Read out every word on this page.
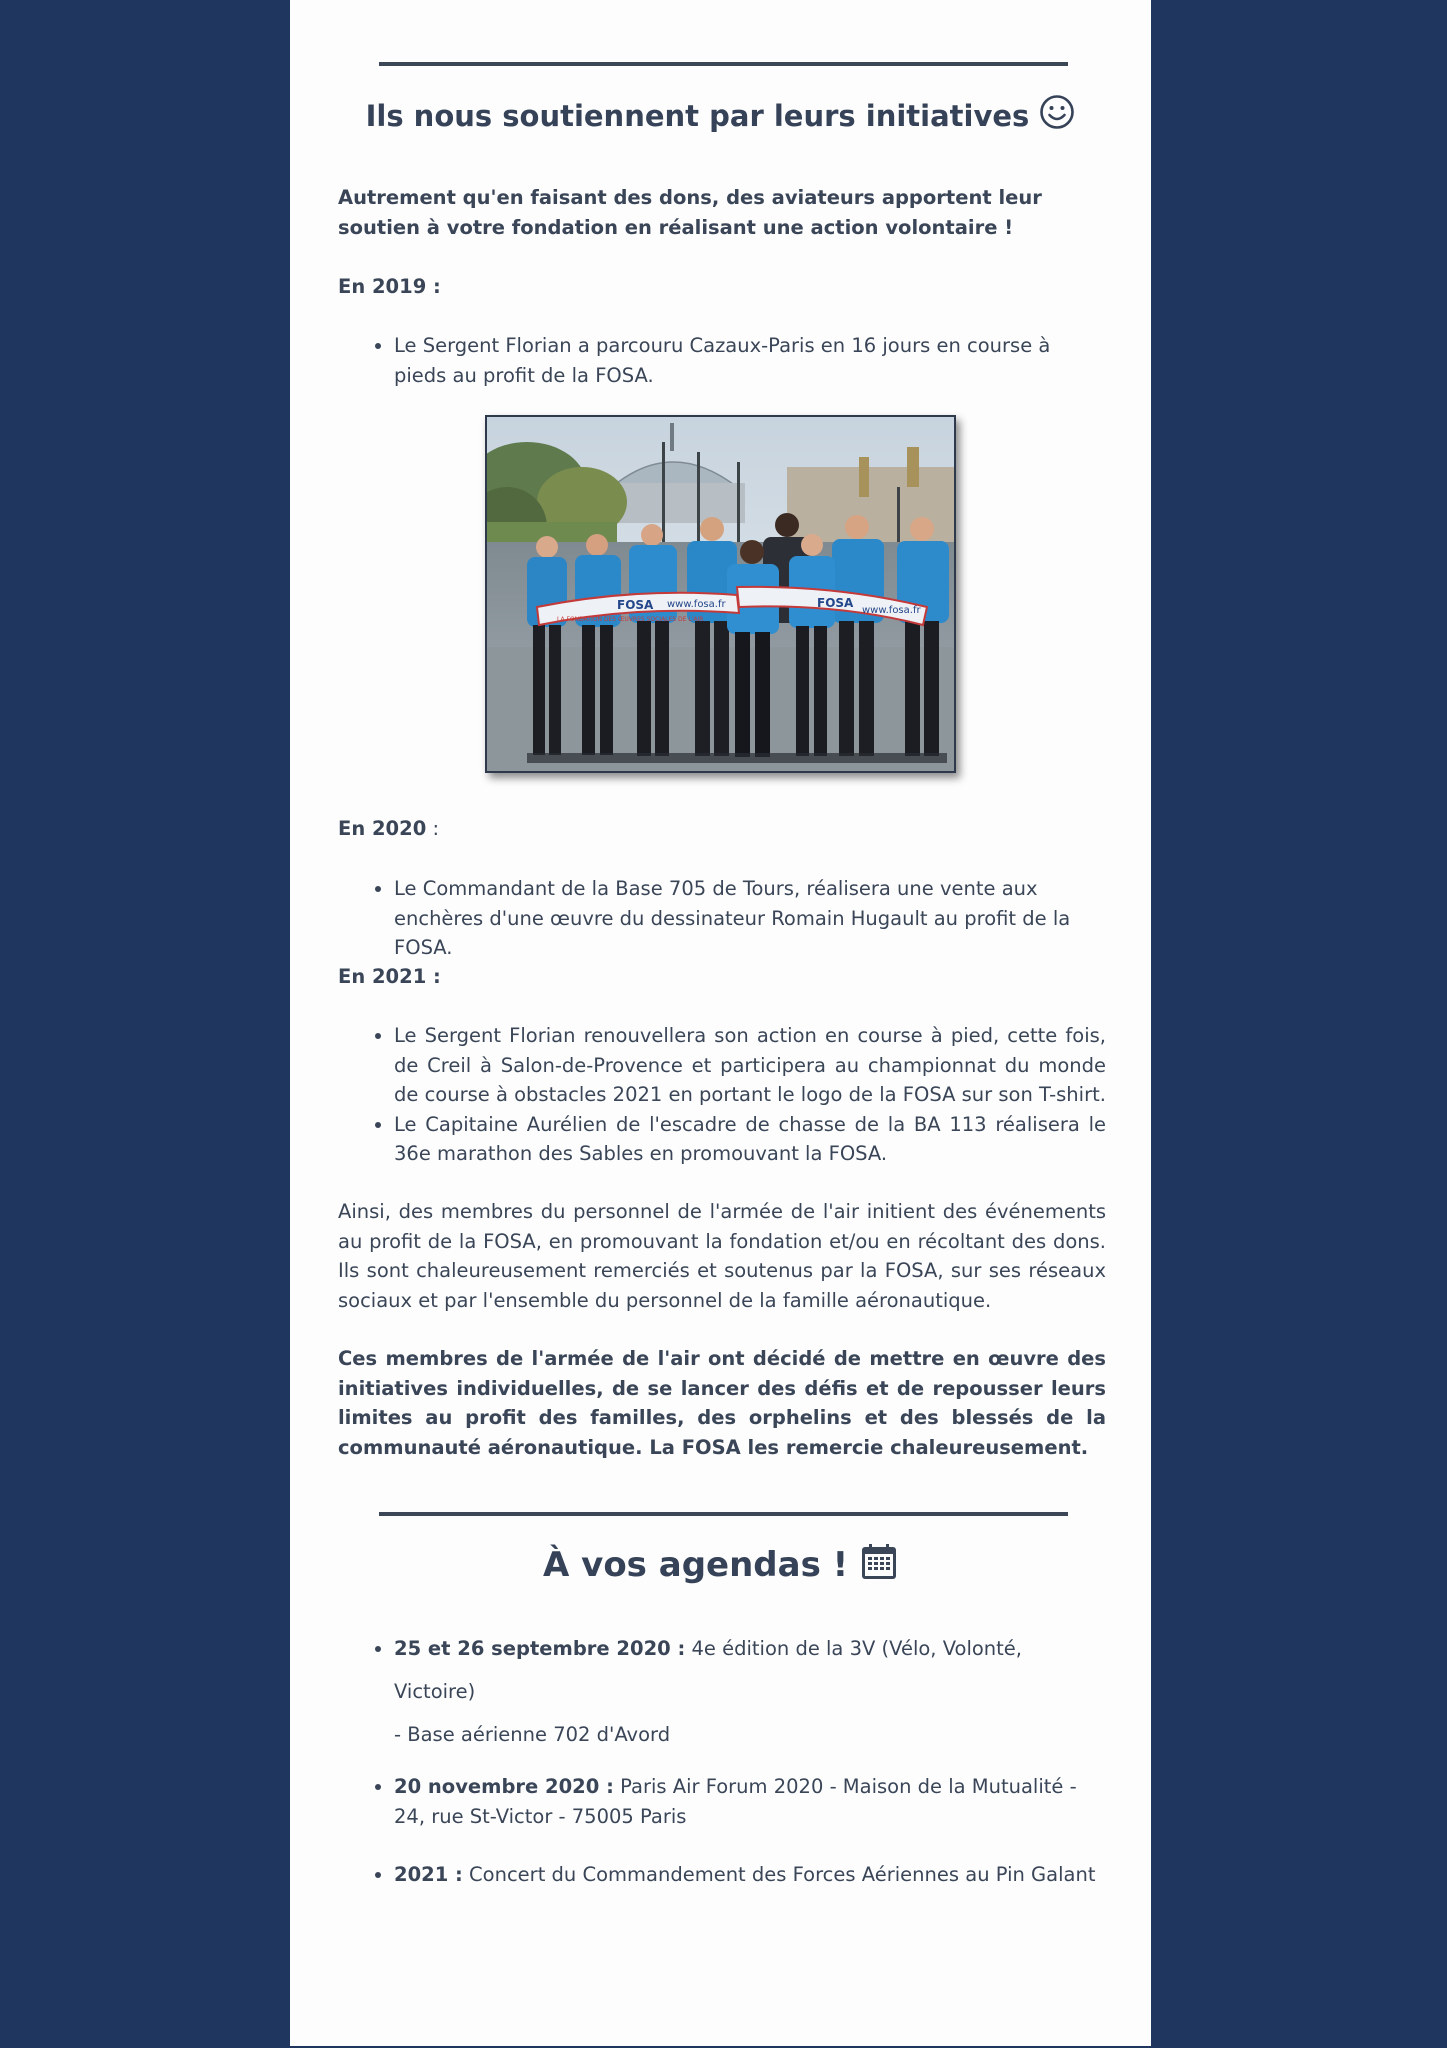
Ils nous soutiennent par leurs initiatives

Autrement qu'en faisant des dons, des aviateurs apportent leur soutien à votre fondation en réalisant une action volontaire !

En 2019 :

• Le Sergent Florian a parcouru Cazaux-Paris en 16 jours en course à pieds au profit de la FOSA.
FOSA www.fosa.fr	FOSA
www.fosa.fr
LA FONDATION DES ŒUVRES SOCIALES DE L'AIR

En 2020 :

• Le Commandant de la Base 705 de Tours, réalisera une vente aux enchères d'une œuvre du dessinateur Romain Hugault au profit de la FOSA.

En 2021 :

• Le Sergent Florian renouvellera son action en course à pied, cette fois, de Creil à Salon-de-Provence et participera au championnat du monde de course à obstacles 2021 en portant le logo de la FOSA sur son T-shirt.
• Le Capitaine Aurélien de l'escadre de chasse de la BA 113 réalisera le 36e marathon des Sables en promouvant la FOSA.

Ainsi, des membres du personnel de l'armée de l'air initient des événements au profit de la FOSA, en promouvant la fondation et/ou en récoltant des dons. Ils sont chaleureusement remerciés et soutenus par la FOSA, sur ses réseaux sociaux et par l'ensemble du personnel de la famille aéronautique.

Ces membres de l'armée de l'air ont décidé de mettre en œuvre des initiatives individuelles, de se lancer des défis et de repousser leurs limites au profit des familles, des orphelins et des blessés de la communauté aéronautique. La FOSA les remercie chaleureusement.

À vos agendas !
• 25 et 26 septembre 2020 : 4e édition de la 3V (Vélo, Volonté, Victoire)
- Base aérienne 702 d'Avord
• 20 novembre 2020 : Paris Air Forum 2020 - Maison de la Mutualité - 24, rue St-Victor - 75005 Paris
• 2021 : Concert du Commandement des Forces Aériennes au Pin Galant
